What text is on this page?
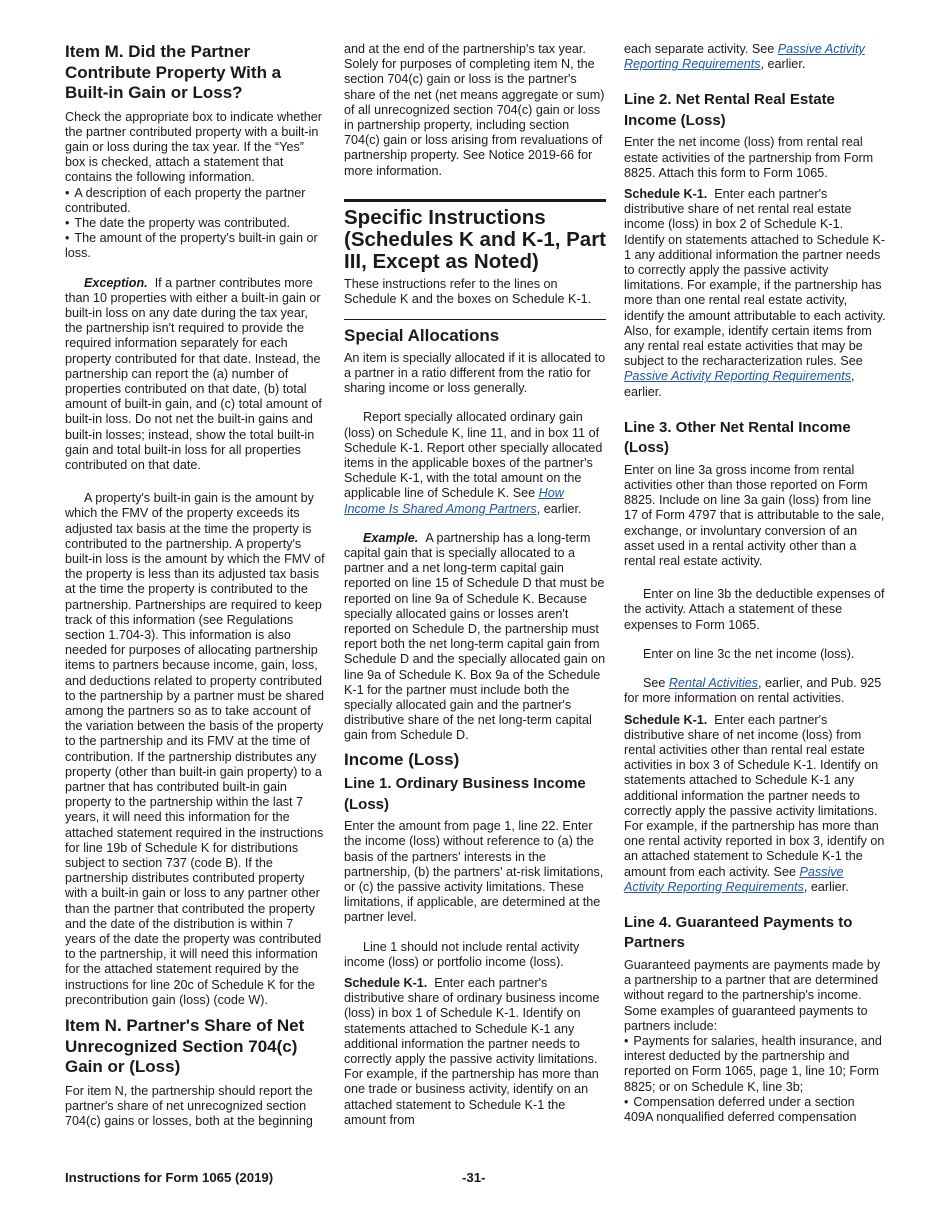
Item M. Did the Partner Contribute Property With a Built-in Gain or Loss?

Check the appropriate box to indicate whether the partner contributed property with a built-in gain or loss during the tax year. If the “Yes” box is checked, attach a statement that contains the following information.

• A description of each property the partner contributed.

• The date the property was contributed.

• The amount of the property's built-in gain or loss.

Exception. If a partner contributes more than 10 properties with either a built-in gain or built-in loss on any date during the tax year, the partnership isn't required to provide the required information separately for each property contributed for that date. Instead, the partnership can report the (a) number of properties contributed on that date, (b) total amount of built-in gain, and (c) total amount of built-in loss. Do not net the built-in gains and built-in losses; instead, show the total built-in gain and total built-in loss for all properties contributed on that date.

A property's built-in gain is the amount by which the FMV of the property exceeds its adjusted tax basis at the time the property is contributed to the partnership. A property's built-in loss is the amount by which the FMV of the property is less than its adjusted tax basis at the time the property is contributed to the partnership. Partnerships are required to keep track of this information (see Regulations section 1.704-3). This information is also needed for purposes of allocating partnership items to partners because income, gain, loss, and deductions related to property contributed to the partnership by a partner must be shared among the partners so as to take account of the variation between the basis of the property to the partnership and its FMV at the time of contribution. If the partnership distributes any property (other than built-in gain property) to a partner that has contributed built-in gain property to the partnership within the last 7 years, it will need this information for the attached statement required in the instructions for line 19b of Schedule K for distributions subject to section 737 (code B). If the partnership distributes contributed property with a built-in gain or loss to any partner other than the partner that contributed the property and the date of the distribution is within 7 years of the date the property was contributed to the partnership, it will need this information for the attached statement required by the instructions for line 20c of Schedule K for the precontribution gain (loss) (code W).

Item N. Partner's Share of Net Unrecognized Section 704(c) Gain or (Loss)

For item N, the partnership should report the partner's share of net unrecognized section 704(c) gains or losses, both at the beginning

and at the end of the partnership's tax year. Solely for purposes of completing item N, the section 704(c) gain or loss is the partner's share of the net (net means aggregate or sum) of all unrecognized section 704(c) gain or loss in partnership property, including section 704(c) gain or loss arising from revaluations of partnership property. See Notice 2019-66 for more information.

Specific Instructions (Schedules K and K-1, Part III, Except as Noted)

These instructions refer to the lines on Schedule K and the boxes on Schedule K-1.

Special Allocations

An item is specially allocated if it is allocated to a partner in a ratio different from the ratio for sharing income or loss generally.

Report specially allocated ordinary gain (loss) on Schedule K, line 11, and in box 11 of Schedule K-1. Report other specially allocated items in the applicable boxes of the partner's Schedule K-1, with the total amount on the applicable line of Schedule K. See How Income Is Shared Among Partners, earlier.

Example. A partnership has a long-term capital gain that is specially allocated to a partner and a net long-term capital gain reported on line 15 of Schedule D that must be reported on line 9a of Schedule K. Because specially allocated gains or losses aren't reported on Schedule D, the partnership must report both the net long-term capital gain from Schedule D and the specially allocated gain on line 9a of Schedule K. Box 9a of the Schedule K-1 for the partner must include both the specially allocated gain and the partner's distributive share of the net long-term capital gain from Schedule D.

Income (Loss)
Line 1. Ordinary Business Income (Loss)

Enter the amount from page 1, line 22. Enter the income (loss) without reference to (a) the basis of the partners' interests in the partnership, (b) the partners' at-risk limitations, or (c) the passive activity limitations. These limitations, if applicable, are determined at the partner level.

Line 1 should not include rental activity income (loss) or portfolio income (loss).

Schedule K-1. Enter each partner's distributive share of ordinary business income (loss) in box 1 of Schedule K-1. Identify on statements attached to Schedule K-1 any additional information the partner needs to correctly apply the passive activity limitations. For example, if the partnership has more than one trade or business activity, identify on an attached statement to Schedule K-1 the amount from

each separate activity. See Passive Activity Reporting Requirements, earlier.

Line 2. Net Rental Real Estate Income (Loss)

Enter the net income (loss) from rental real estate activities of the partnership from Form 8825. Attach this form to Form 1065.

Schedule K-1. Enter each partner's distributive share of net rental real estate income (loss) in box 2 of Schedule K-1. Identify on statements attached to Schedule K-1 any additional information the partner needs to correctly apply the passive activity limitations. For example, if the partnership has more than one rental real estate activity, identify the amount attributable to each activity. Also, for example, identify certain items from any rental real estate activities that may be subject to the recharacterization rules. See Passive Activity Reporting Requirements, earlier.

Line 3. Other Net Rental Income (Loss)

Enter on line 3a gross income from rental activities other than those reported on Form 8825. Include on line 3a gain (loss) from line 17 of Form 4797 that is attributable to the sale, exchange, or involuntary conversion of an asset used in a rental activity other than a rental real estate activity.

Enter on line 3b the deductible expenses of the activity. Attach a statement of these expenses to Form 1065.

Enter on line 3c the net income (loss).

See Rental Activities, earlier, and Pub. 925 for more information on rental activities.

Schedule K-1. Enter each partner's distributive share of net income (loss) from rental activities other than rental real estate activities in box 3 of Schedule K-1. Identify on statements attached to Schedule K-1 any additional information the partner needs to correctly apply the passive activity limitations. For example, if the partnership has more than one rental activity reported in box 3, identify on an attached statement to Schedule K-1 the amount from each activity. See Passive Activity Reporting Requirements, earlier.

Line 4. Guaranteed Payments to Partners

Guaranteed payments are payments made by a partnership to a partner that are determined without regard to the partnership's income. Some examples of guaranteed payments to partners include:

• Payments for salaries, health insurance, and interest deducted by the partnership and reported on Form 1065, page 1, line 10; Form 8825; or on Schedule K, line 3b;

• Compensation deferred under a section 409A nonqualified deferred compensation

Instructions for Form 1065 (2019)	-31-
